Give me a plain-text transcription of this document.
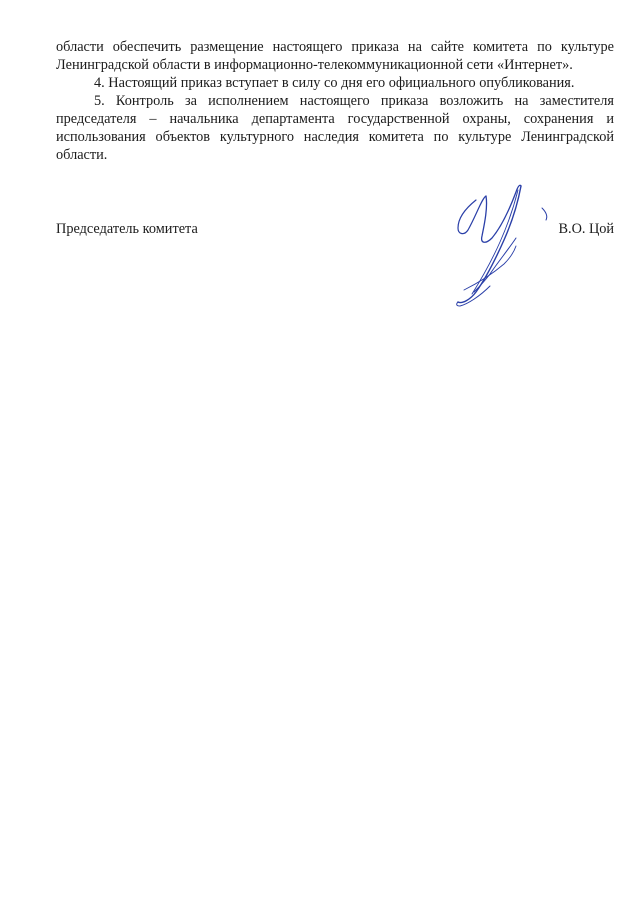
области обеспечить размещение настоящего приказа на сайте комитета по культуре Ленинградской области в информационно-телекоммуникационной сети «Интернет».

4. Настоящий приказ вступает в силу со дня его официального опубликования.

5. Контроль за исполнением настоящего приказа возложить на заместителя председателя – начальника департамента государственной охраны, сохранения и использования объектов культурного наследия комитета по культуре Ленинградской области.

Председатель комитета	В.О. Цой
